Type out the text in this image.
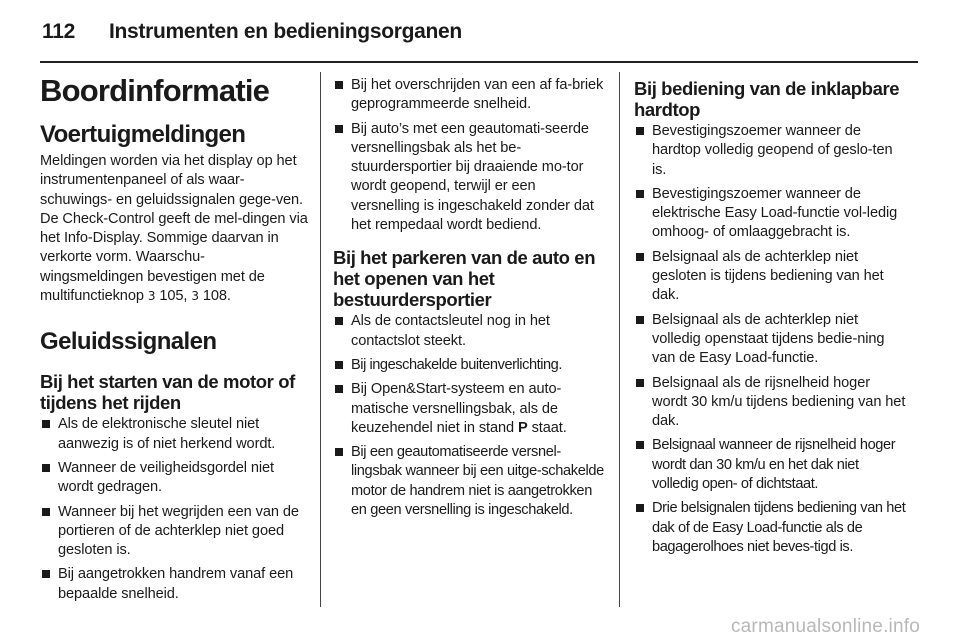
112 Instrumenten en bedieningsorganen
Boordinformatie
Voertuigmeldingen
Meldingen worden via het display op het instrumentenpaneel of als waar-schuwings- en geluidssignalen gege-ven. De Check-Control geeft de mel-dingen via het Info-Display. Sommige daarvan in verkorte vorm. Waarschu-wingsmeldingen bevestigen met de multifunctieknop 3 105, 3 108.
Geluidssignalen
Bij het starten van de motor of tijdens het rijden
Als de elektronische sleutel niet aanwezig is of niet herkend wordt.
Wanneer de veiligheidsgordel niet wordt gedragen.
Wanneer bij het wegrijden een van de portieren of de achterklep niet goed gesloten is.
Bij aangetrokken handrem vanaf een bepaalde snelheid.
Bij het overschrijden van een af fa-briek geprogrammeerde snelheid.
Bij auto’s met een geautomati-seerde versnellingsbak als het be-stuurdersportier bij draaiende mo-tor wordt geopend, terwijl er een versnelling is ingeschakeld zonder dat het rempedaal wordt bediend.
Bij het parkeren van de auto en het openen van het bestuurdersportier
Als de contactsleutel nog in het contactslot steekt.
Bij ingeschakelde buitenverlichting.
Bij Open&Start-systeem en auto-matische versnellingsbak, als de keuzehendel niet in stand P staat.
Bij een geautomatiseerde versnel-lingsbak wanneer bij een uitge-schakelde motor de handrem niet is aangetrokken en geen versnelling is ingeschakeld.
Bij bediening van de inklapbare hardtop
Bevestigingszoemer wanneer de hardtop volledig geopend of geslo-ten is.
Bevestigingszoemer wanneer de elektrische Easy Load-functie vol-ledig omhoog- of omlaaggebracht is.
Belsignaal als de achterklep niet gesloten is tijdens bediening van het dak.
Belsignaal als de achterklep niet volledig openstaat tijdens bedie-ning van de Easy Load-functie.
Belsignaal als de rijsnelheid hoger wordt 30 km/u tijdens bediening van het dak.
Belsignaal wanneer de rijsnelheid hoger wordt dan 30 km/u en het dak niet volledig open- of dichtstaat.
Drie belsignalen tijdens bediening van het dak of de Easy Load-functie als de bagagerolhoes niet beves-tigd is.
carmanualsonline.info
